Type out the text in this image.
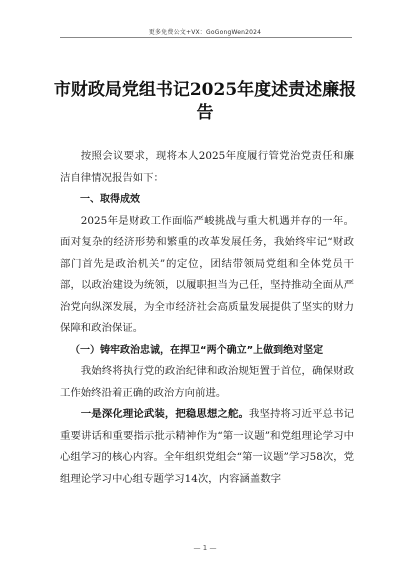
更多免费公文+VX：GoGongWen2024
市财政局党组书记2025年度述责述廉报告

按照会议要求，现将本人2025年度履行管党治党责任和廉洁自律情况报告如下：

一、取得成效

2025年是财政工作面临严峻挑战与重大机遇并存的一年。面对复杂的经济形势和繁重的改革发展任务，我始终牢记“财政部门首先是政治机关”的定位，团结带领局党组和全体党员干部，以政治建设为统领，以履职担当为己任，坚持推动全面从严治党向纵深发展，为全市经济社会高质量发展提供了坚实的财力保障和政治保证。

（一）铸牢政治忠诚，在捍卫“两个确立”上做到绝对坚定

我始终将执行党的政治纪律和政治规矩置于首位，确保财政工作始终沿着正确的政治方向前进。

一是深化理论武装，把稳思想之舵。我坚持将习近平总书记重要讲话和重要指示批示精神作为“第一议题”和党组理论学习中心组学习的核心内容。全年组织党组会“第一议题”学习58次，党组理论学习中心组专题学习14次，内容涵盖数字

— 1 —
